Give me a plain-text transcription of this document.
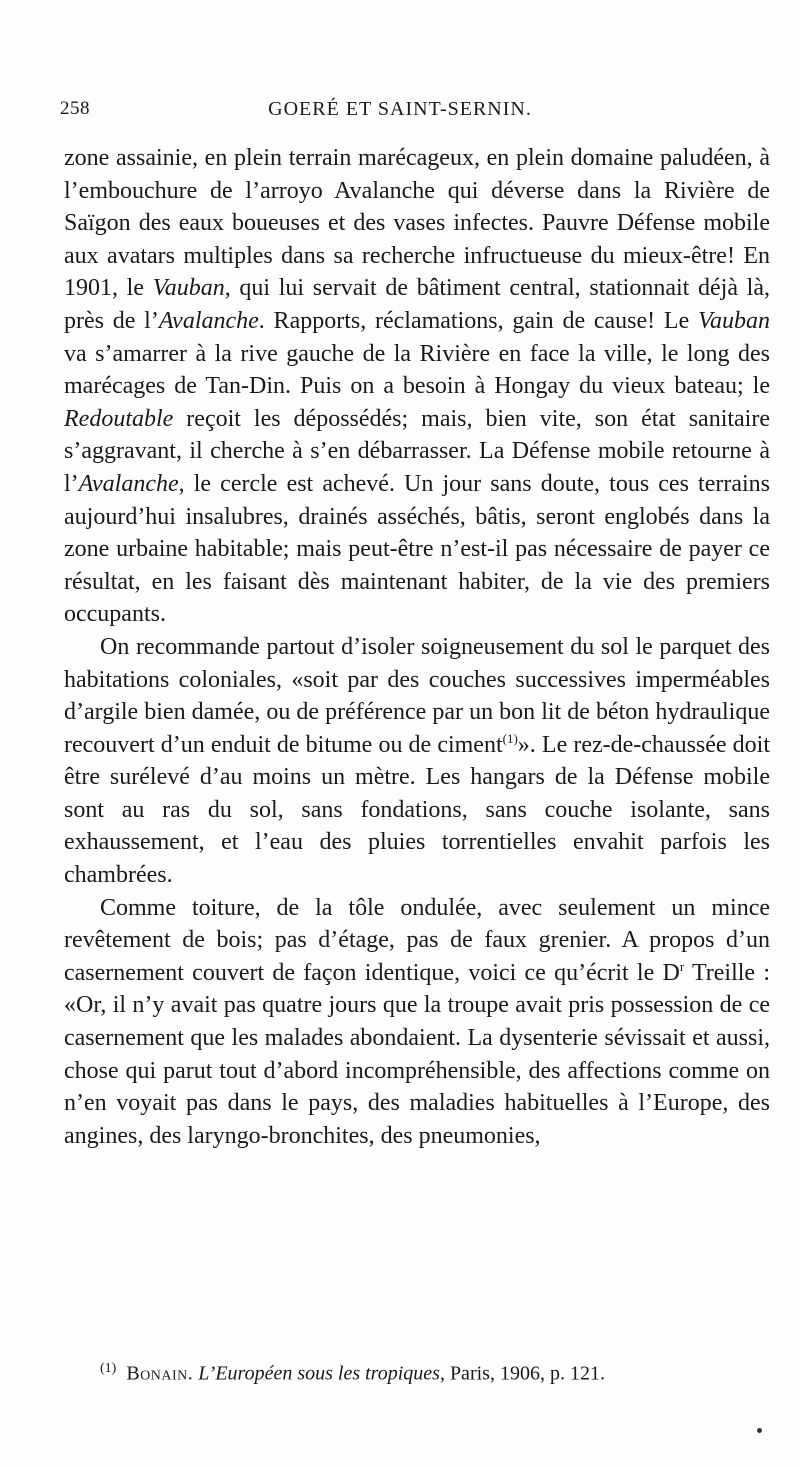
258	GOERÉ ET SAINT-SERNIN.

zone assainie, en plein terrain marécageux, en plein domaine paludéen, à l’embouchure de l’arroyo Avalanche qui déverse dans la Rivière de Saïgon des eaux boueuses et des vases infectes. Pauvre Défense mobile aux avatars multiples dans sa recherche infructueuse du mieux-être! En 1901, le Vauban, qui lui servait de bâtiment central, stationnait déjà là, près de l’Avalanche. Rapports, réclamations, gain de cause! Le Vauban va s’amarrer à la rive gauche de la Rivière en face la ville, le long des marécages de Tan-Din. Puis on a besoin à Hongay du vieux bateau; le Redoutable reçoit les dépossédés; mais, bien vite, son état sanitaire s’aggravant, il cherche à s’en débarrasser. La Défense mobile retourne à l’Avalanche, le cercle est achevé. Un jour sans doute, tous ces terrains aujourd’hui insalubres, drainés asséchés, bâtis, seront englobés dans la zone urbaine habitable; mais peut-être n’est-il pas nécessaire de payer ce résultat, en les faisant dès maintenant habiter, de la vie des premiers occupants.

On recommande partout d’isoler soigneusement du sol le parquet des habitations coloniales, «soit par des couches successives imperméables d’argile bien damée, ou de préférence par un bon lit de béton hydraulique recouvert d’un enduit de bitume ou de ciment$^{(1)}$». Le rez-de-chaussée doit être surélevé d’au moins un mètre. Les hangars de la Défense mobile sont au ras du sol, sans fondations, sans couche isolante, sans exhaussement, et l’eau des pluies torrentielles envahit parfois les chambrées.

Comme toiture, de la tôle ondulée, avec seulement un mince revêtement de bois; pas d’étage, pas de faux grenier. A propos d’un casernement couvert de façon identique, voici ce qu’écrit le $D^r$ Treille : «Or, il n’y avait pas quatre jours que la troupe avait pris possession de ce casernement que les malades abondaient. La dysenterie sévissait et aussi, chose qui parut tout d’abord incompréhensible, des affections comme on n’en voyait pas dans le pays, des maladies habituelles à l’Europe, des angines, des laryngo-bronchites, des pneumonies,

$^{(1)}$ Bonain. L’Européen sous les tropiques, Paris, 1906, p. 121.
